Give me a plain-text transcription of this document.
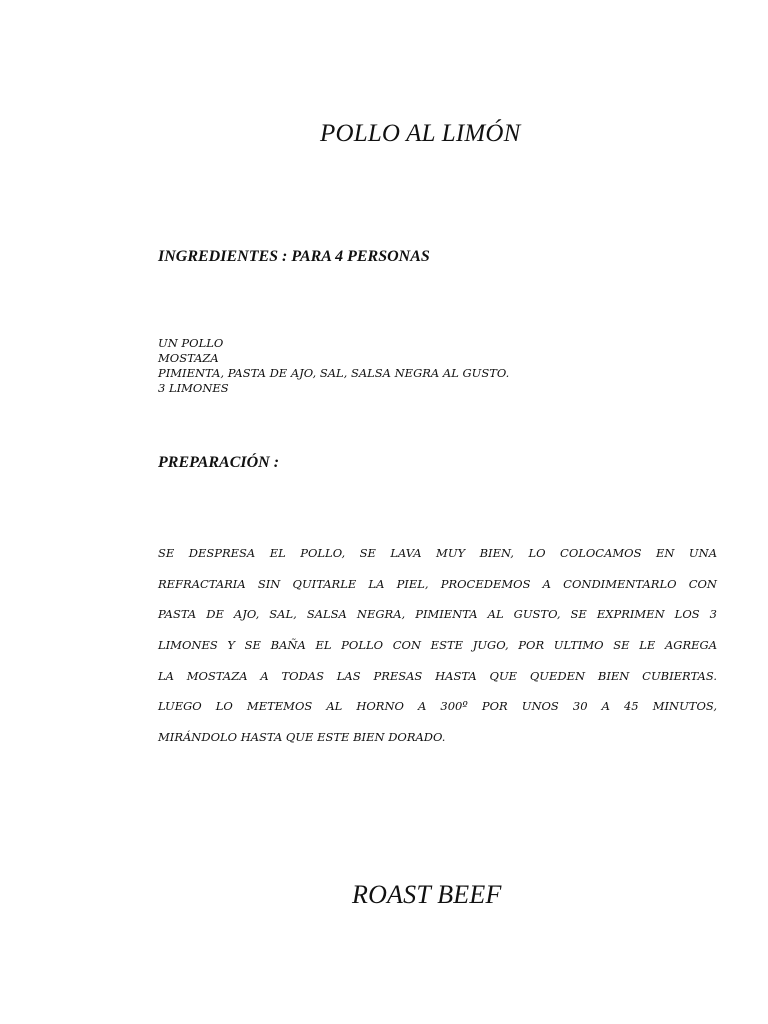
POLLO AL LIMÓN
INGREDIENTES : PARA 4 PERSONAS
UN POLLO
MOSTAZA
PIMIENTA, PASTA DE AJO, SAL, SALSA NEGRA AL GUSTO.
3 LIMONES
PREPARACIÓN :
SE DESPRESA EL POLLO, SE LAVA MUY BIEN, LO COLOCAMOS EN UNA
REFRACTARIA SIN QUITARLE LA PIEL, PROCEDEMOS A CONDIMENTARLO CON
PASTA DE AJO, SAL, SALSA NEGRA, PIMIENTA AL GUSTO, SE EXPRIMEN LOS 3
LIMONES Y SE BAÑA EL POLLO CON ESTE JUGO, POR ULTIMO SE LE AGREGA
LA MOSTAZA A TODAS LAS PRESAS HASTA QUE QUEDEN BIEN CUBIERTAS.
LUEGO LO METEMOS AL HORNO A 300º POR UNOS 30 A 45 MINUTOS,
MIRÁNDOLO HASTA QUE ESTE BIEN DORADO.
ROAST BEEF
